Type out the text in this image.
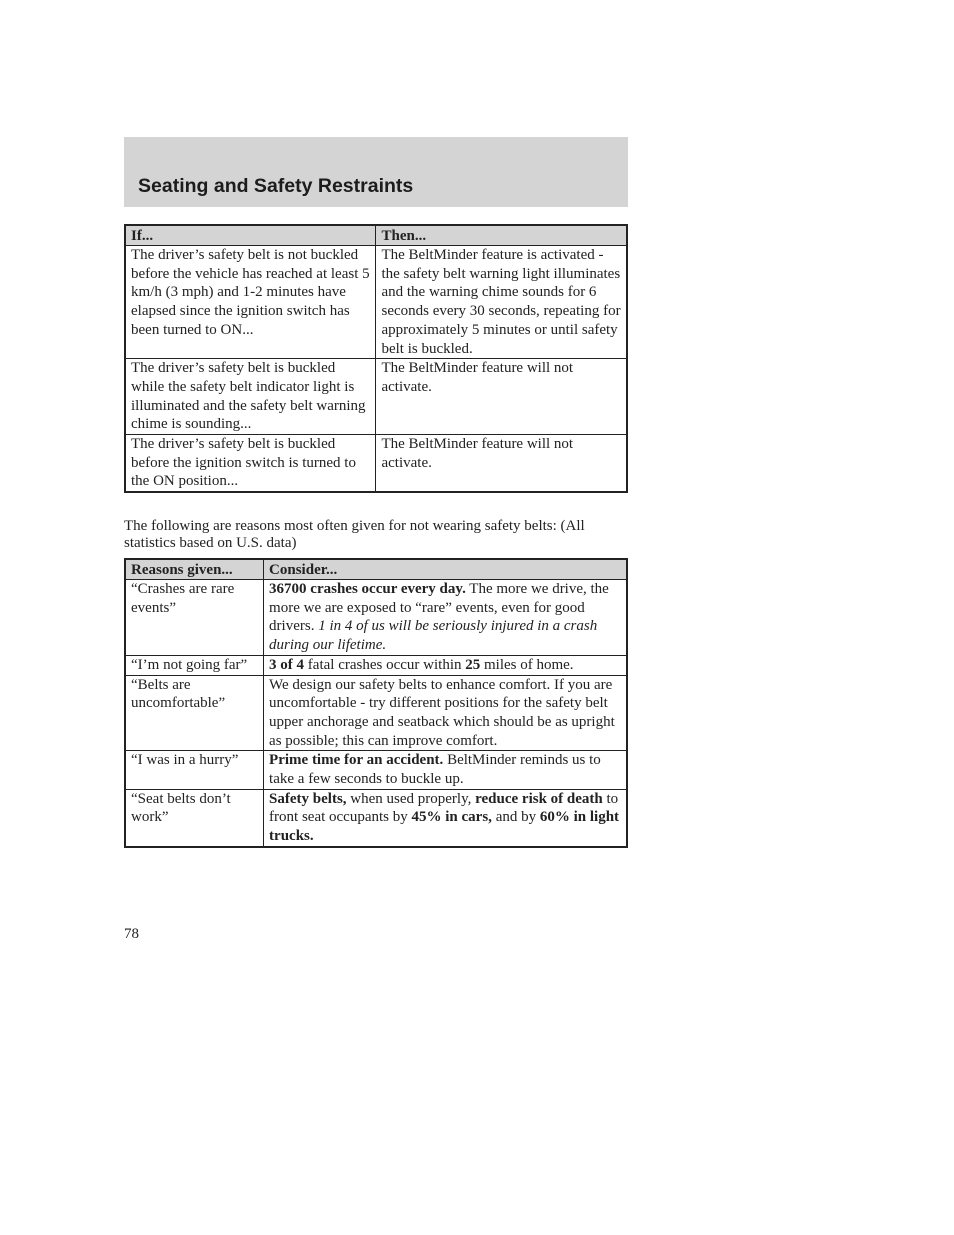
Seating and Safety Restraints
If...	Then...
The driver’s safety belt is not buckled before the vehicle has reached at least 5 km/h (3 mph) and 1-2 minutes have elapsed since the ignition switch has been turned to ON...	The BeltMinder feature is activated - the safety belt warning light illuminates and the warning chime sounds for 6 seconds every 30 seconds, repeating for approximately 5 minutes or until safety belt is buckled.
The driver’s safety belt is buckled while the safety belt indicator light is illuminated and the safety belt warning chime is sounding...	The BeltMinder feature will not activate.
The driver’s safety belt is buckled before the ignition switch is turned to the ON position...	The BeltMinder feature will not activate.
The following are reasons most often given for not wearing safety belts: (All statistics based on U.S. data)
Reasons given...	Consider...
“Crashes are rare events”	36700 crashes occur every day. The more we drive, the more we are exposed to “rare” events, even for good drivers. 1 in 4 of us will be seriously injured in a crash during our lifetime.
“I’m not going far”	3 of 4 fatal crashes occur within 25 miles of home.
“Belts are uncomfortable”	We design our safety belts to enhance comfort. If you are uncomfortable - try different positions for the safety belt upper anchorage and seatback which should be as upright as possible; this can improve comfort.
“I was in a hurry”	Prime time for an accident. BeltMinder reminds us to take a few seconds to buckle up.
“Seat belts don’t work”	Safety belts, when used properly, reduce risk of death to front seat occupants by 45% in cars, and by 60% in light trucks.
78
